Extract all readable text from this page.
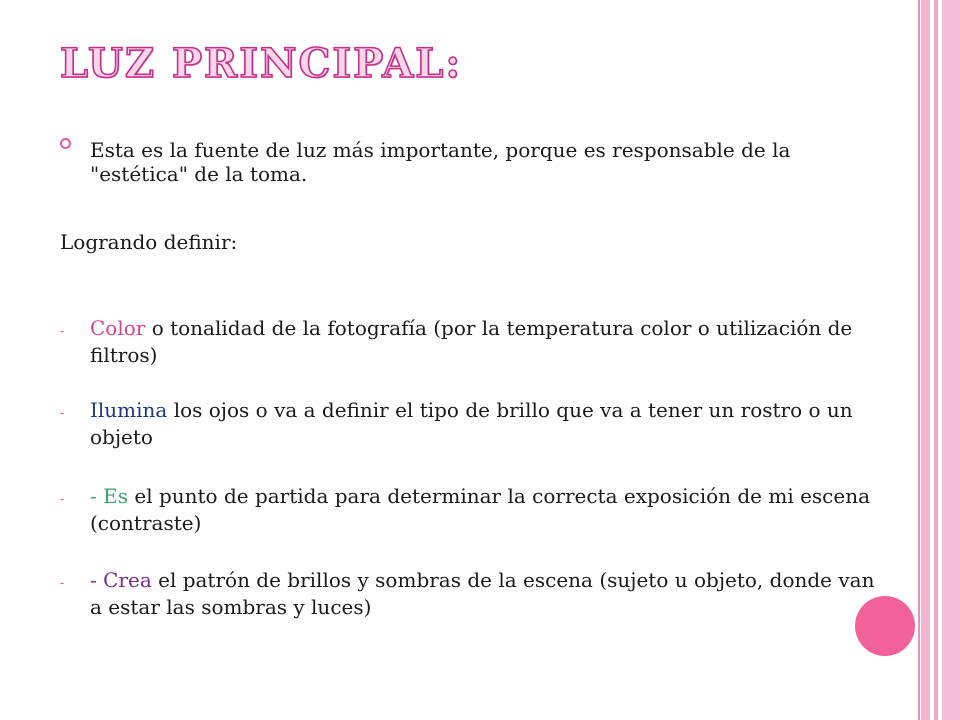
LUZ PRINCIPAL:

Esta es la fuente de luz más importante, porque es responsable de la "estética" de la toma.

Logrando definir:

- Color o tonalidad de la fotografía (por la temperatura color o utilización de filtros)

- Ilumina los ojos o va a definir el tipo de brillo que va a tener un rostro o un objeto

- - Es el punto de partida para determinar la correcta exposición de mi escena (contraste)

- - Crea el patrón de brillos y sombras de la escena (sujeto u objeto, donde van a estar las sombras y luces)
